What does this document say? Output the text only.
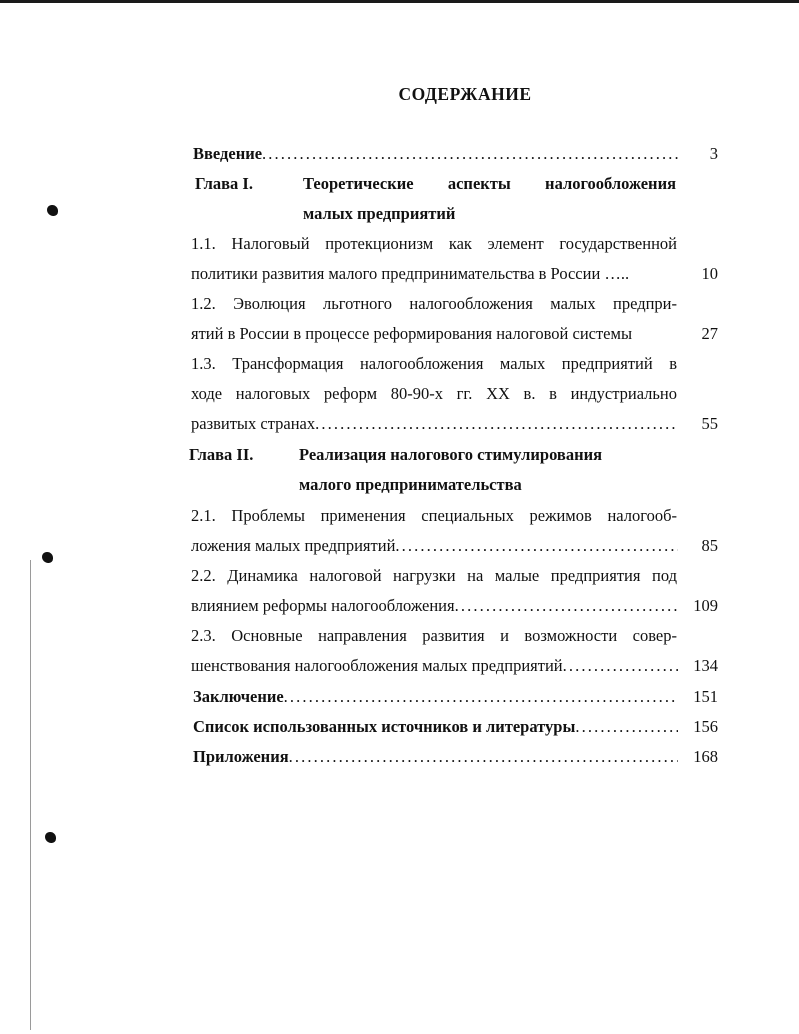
СОДЕРЖАНИЕ
Введение . . .	3
Глава I.	Теоретические аспекты налогообложения
малых предприятий
1.1. Налоговый протекционизм как элемент государственной
политики развития малого предпринимательства в России …..	10
1.2. Эволюция льготного налогообложения малых предпри-
ятий в России в процессе реформирования налоговой системы	27
1.3. Трансформация налогообложения малых предприятий в
ходе налоговых реформ 80-90-х гг. XX в. в индустриально
развитых странах . . .	55
Глава II.	Реализация налогового стимулирования
малого предпринимательства
2.1. Проблемы применения специальных режимов налогооб-
ложения малых предприятий . . .	85
2.2. Динамика налоговой нагрузки на малые предприятия под
влиянием реформы налогообложения . . .	109
2.3. Основные направления развития и возможности совер-
шенствования налогообложения малых предприятий . . .	134
Заключение . . .	151
Список использованных источников и литературы . . .	156
Приложения . . .	168
